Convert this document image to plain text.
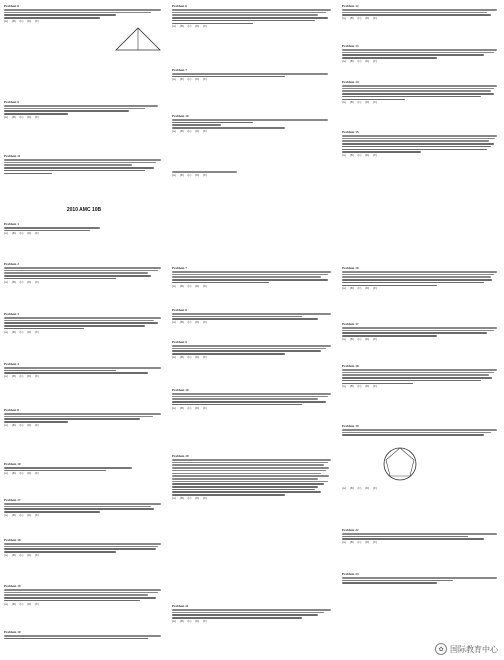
Problem 8
(A) (B) (C) (D) (E)
Problem 9
(A) (B) (C) (D) (E)
Problem 11
2010 AMC 10B
Problem 1
(A) (B) (C) (D) (E)
Problem 2
(A) (B) (C) (D) (E)
Problem 3
(A) (B) (C) (D) (E)
Problem 4
(A) (B) (C) (D) (E)
Problem 8
(A) (B) (C) (D) (E)
Problem 10
(A) (B) (C) (D) (E)
Problem 17
(A) (B) (C) (D) (E)
Problem 18
(A) (B) (C) (D) (E)
Problem 19
(A) (B) (C) (D) (E)
Problem 10
Problem 6
(A) (B) (C) (D) (E)
Problem 7
(A) (B) (C) (D) (E)
Problem 10
(A) (B) (C) (D) (E)
(A) (B) (C) (D) (E)
Problem 7
(A) (B) (C) (D) (E)
Problem 8
(A) (B) (C) (D) (E)
Problem 9
(A) (B) (C) (D) (E)
Problem 10
(A) (B) (C) (D) (E)
Problem 20
(A) (B) (C) (D) (E)
Problem 21
(A) (B) (C) (D) (E)
Problem 12
(A) (B) (C) (D) (E)
Problem 13
(A) (B) (C) (D) (E)
Problem 14
(A) (B) (C) (D) (E)
Problem 15
(A) (B) (C) (D) (E)
Problem 16
(A) (B) (C) (D) (E)
Problem 17
(A) (B) (C) (D) (E)
Problem 18
(A) (B) (C) (D) (E)
Problem 19
(A) (B) (C) (D) (E)
Problem 22
(A) (B) (C) (D) (E)
Problem 23
✿ 国际教育中心
